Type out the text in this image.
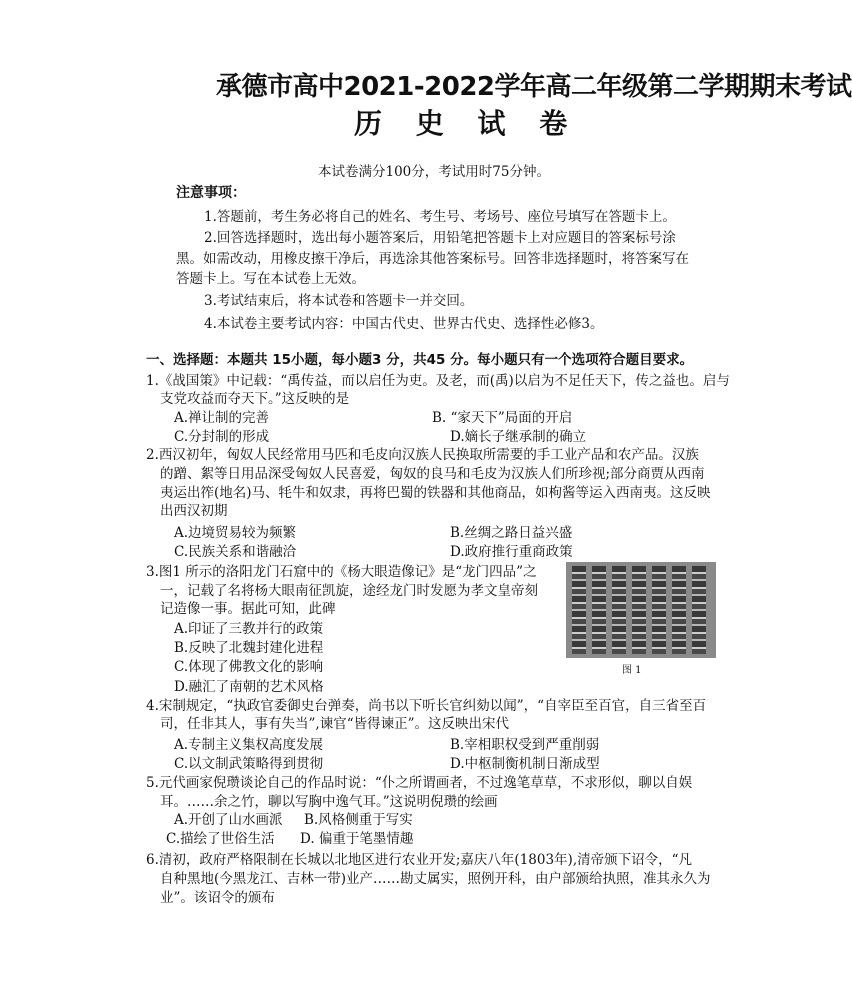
承德市高中2021-2022学年高二年级第二学期期末考试
历 史 试 卷
本试卷满分100分，考试用时75分钟。
注意事项：
1.答题前，考生务必将自己的姓名、考生号、考场号、座位号填写在答题卡上。
2.回答选择题时，选出每小题答案后，用铅笔把答题卡上对应题目的答案标号涂
黑。如需改动，用橡皮擦干净后，再选涂其他答案标号。回答非选择题时，将答案写在
答题卡上。写在本试卷上无效。
3.考试结束后，将本试卷和答题卡一并交回。
4.本试卷主要考试内容：中国古代史、世界古代史、选择性必修3。
一、选择题：本题共 15小题，每小题3 分，共45 分。每小题只有一个选项符合题目要求。
1.《战国策》中记载：“禹传益，而以启任为吏。及老，而(禹)以启为不足任天下，传之益也。启与
支党攻益而夺天下。”这反映的是
A.禅让制的完善	B. “家天下”局面的开启
C.分封制的形成	D.嫡长子继承制的确立
2.西汉初年，匈奴人民经常用马匹和毛皮向汉族人民换取所需要的手工业产品和农产品。汉族
的蹭、絮等日用品深受匈奴人民喜爱，匈奴的良马和毛皮为汉族人们所珍视;部分商贾从西南
夷运出筰(地名)马、牦牛和奴隶，再将巴蜀的铁器和其他商品，如枸酱等运入西南夷。这反映
出西汉初期
A.边境贸易较为频繁	B.丝绸之路日益兴盛
C.民族关系和谐融洽	D.政府推行重商政策
3.图1 所示的洛阳龙门石窟中的《杨大眼造像记》是“龙门四品”之
一，记载了名将杨大眼南征凯旋，途经龙门时发愿为孝文皇帝刻
记造像一事。据此可知，此碑
A.印证了三教并行的政策
B.反映了北魏封建化进程
C.体现了佛教文化的影响
D.融汇了南朝的艺术风格
图 1
4.宋制规定，“执政官委御史台弹奏，尚书以下听长官纠劾以闻”，“自宰臣至百官，自三省至百
司，任非其人，事有失当”,谏官“皆得谏正”。这反映出宋代
A.专制主义集权高度发展	B.宰相职权受到严重削弱
C.以文制武策略得到贯彻	D.中枢制衡机制日渐成型
5.元代画家倪瓒谈论自己的作品时说：“仆之所谓画者，不过逸笔草草，不求形似，聊以自娱
耳。……余之竹，聊以写胸中逸气耳。”这说明倪瓒的绘画
A.开创了山水画派 B.风格侧重于写实
C.描绘了世俗生活 D. 偏重于笔墨情趣
6.清初，政府严格限制在长城以北地区进行农业开发;嘉庆八年(1803年),清帝颁下诏令，“凡
自种黑地(今黑龙江、吉林一带)业产……勘丈属实，照例开科，由户部颁给执照，准其永久为
业”。该诏令的颁布
